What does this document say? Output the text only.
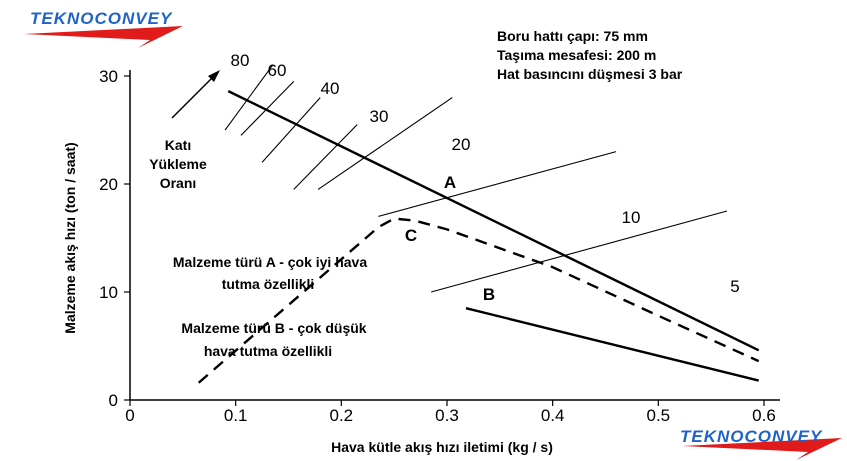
TEKNOCONVEY
TEKNOCONVEY
Boru hattı çapı: 75 mm
Taşıma mesafesi: 200 m
Hat basıncını düşmesi 3 bar
0	0.1	0.2	0.3	0.4	0.5	0.6
0
10
20
30
Malzeme akış hızı (ton / saat)
Hava kütle akış hızı iletimi (kg / s)
Katı
Yükleme
Oranı
Malzeme türü A - çok iyi hava
tutma özellikli
Malzeme türü B - çok düşük
hava tutma özellikli
80
60
40
30
20
10
5
A
C
B
